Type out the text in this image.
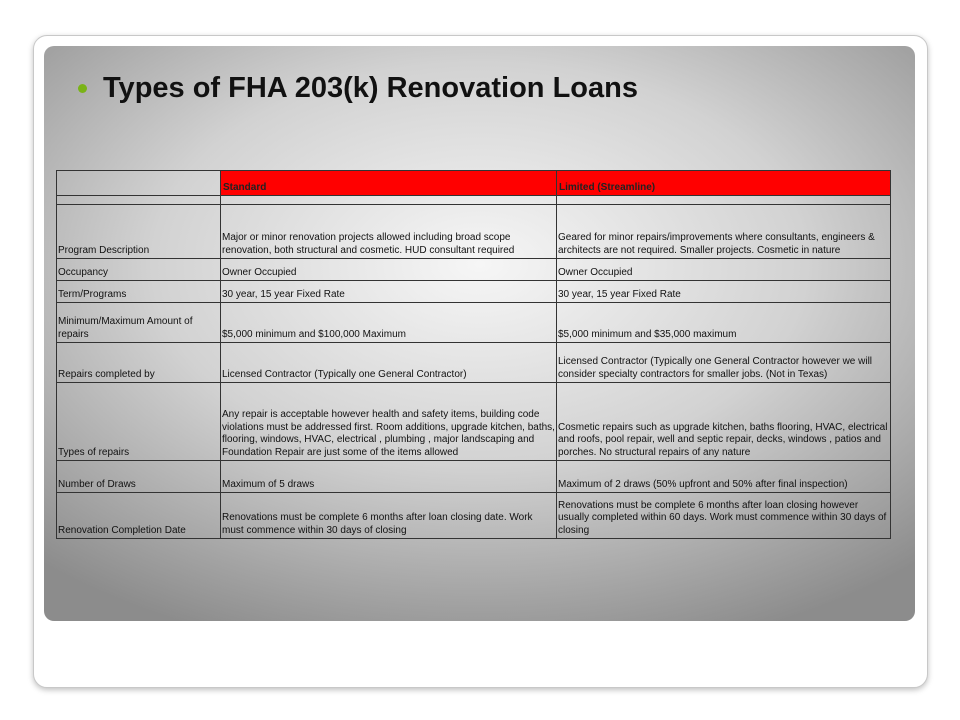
Types of FHA 203(k) Renovation Loans
	Standard	Limited (Streamline)

Program Description	Major or minor renovation projects allowed including broad scope renovation, both structural and cosmetic. HUD consultant required	Geared for minor repairs/improvements where consultants, engineers & architects are not required. Smaller projects. Cosmetic in nature
Occupancy	Owner Occupied	Owner Occupied
Term/Programs	30 year, 15 year Fixed Rate	30 year, 15 year Fixed Rate
Minimum/Maximum Amount of repairs	$5,000 minimum and $100,000 Maximum	$5,000 minimum and $35,000 maximum
Repairs completed by	Licensed Contractor (Typically one General Contractor)	Licensed Contractor (Typically one General Contractor however we will consider specialty contractors for smaller jobs. (Not in Texas)
Types of repairs	Any repair is acceptable however health and safety items, building code violations must be addressed first. Room additions, upgrade kitchen, baths, flooring, windows, HVAC, electrical , plumbing , major landscaping and Foundation Repair are just some of the items allowed	Cosmetic repairs such as upgrade kitchen, baths flooring, HVAC, electrical and roofs, pool repair, well and septic repair, decks, windows , patios and porches. No structural repairs of any nature
Number of Draws	Maximum of 5 draws	Maximum of 2 draws (50% upfront and 50% after final inspection)
Renovation Completion Date	Renovations must be complete 6 months after loan closing date. Work must commence within 30 days of closing	Renovations must be complete 6 months after loan closing however usually completed within 60 days. Work must commence within 30 days of closing
